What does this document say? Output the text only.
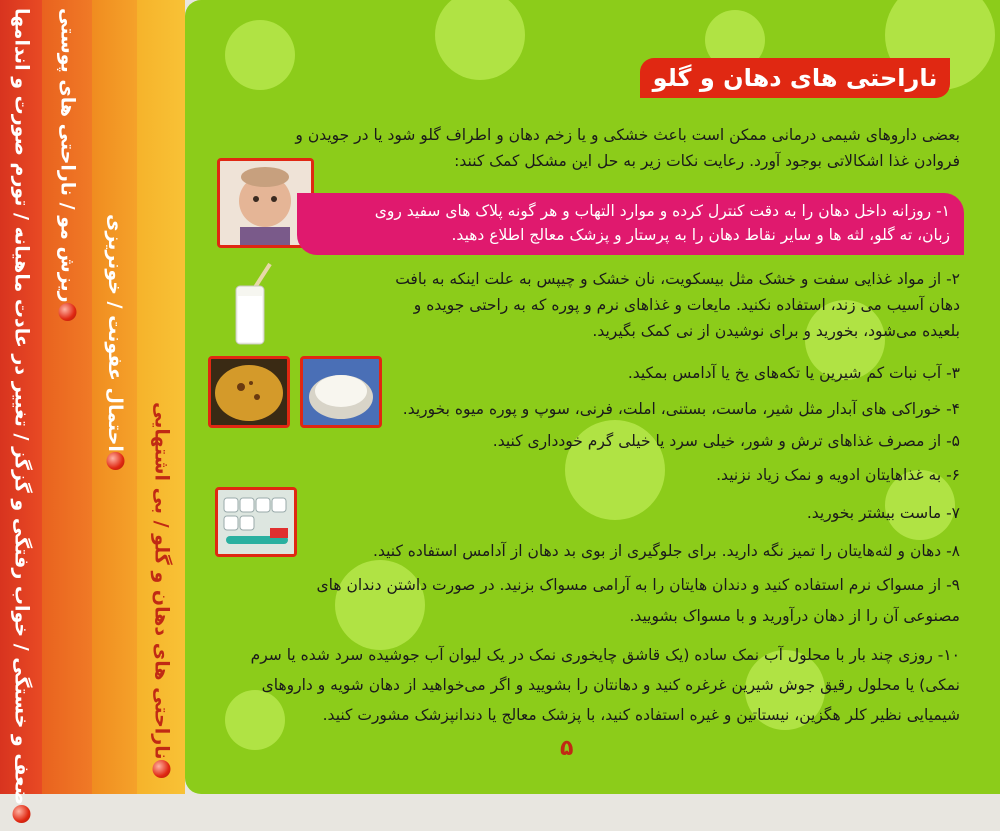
ضعف و خستگی / خواب رفتگی و گزگز / تغییر در عادت ماهیانه / تورم صورت و اندامها ریزش مو / ناراحتی های پوستی
احتمال عفونت / خونریزی
ناراحتی های دهان و گلو / بی اشتهایی
ناراحتی های دهان و گلو
بعضی داروهای شیمی درمانی ممکن است باعث خشکی و یا زخم دهان و اطراف گلو شود یا در جویدن و
فروادن غذا اشکالاتی بوجود آورد. رعایت نکات زیر به حل این مشکل کمک کنند:
۱- روزانه داخل دهان را به دقت کنترل کرده و موارد التهاب و هر گونه پلاک های سفید روی
زبان، ته گلو، لثه ها و سایر نقاط دهان را به پرستار و پزشک معالج اطلاع دهید.
۲- از مواد غذایی سفت و خشک مثل بیسکویت، نان خشک و چیپس به علت اینکه به بافت
دهان آسیب می زند، استفاده نکنید. مایعات و غذاهای نرم و پوره که به راحتی جویده و
بلعیده می‌شود، بخورید و برای نوشیدن از نی کمک بگیرید.
۳- آب نبات کم شیرین یا تکه‌های یخ یا آدامس بمکید.
۴- خوراکی های آبدار مثل شیر، ماست، بستنی، املت، فرنی، سوپ و پوره میوه بخورید.
۵- از مصرف غذاهای ترش و شور، خیلی سرد یا خیلی گرم خودداری کنید.
۶- به غذاهایتان ادویه و نمک زیاد نزنید.
۷- ماست بیشتر بخورید.
۸- دهان و لثه‌هایتان را تمیز نگه دارید. برای جلوگیری از بوی بد دهان از آدامس استفاده کنید.
۹- از مسواک نرم استفاده کنید و دندان هایتان را به آرامی مسواک بزنید. در صورت داشتن دندان های
مصنوعی آن را از دهان درآورید و با مسواک بشویید.
۱۰- روزی چند بار با محلول آب نمک ساده (یک قاشق چایخوری نمک در یک لیوان آب جوشیده سرد شده یا سرم
نمکی) یا محلول رقیق جوش شیرین غرغره کنید و دهانتان را بشویید و اگر می‌خواهید از دهان شویه و داروهای
شیمیایی نظیر کلر هگزین، نیستاتین و غیره استفاده کنید، با پزشک معالج یا دندانپزشک مشورت کنید.
۵
